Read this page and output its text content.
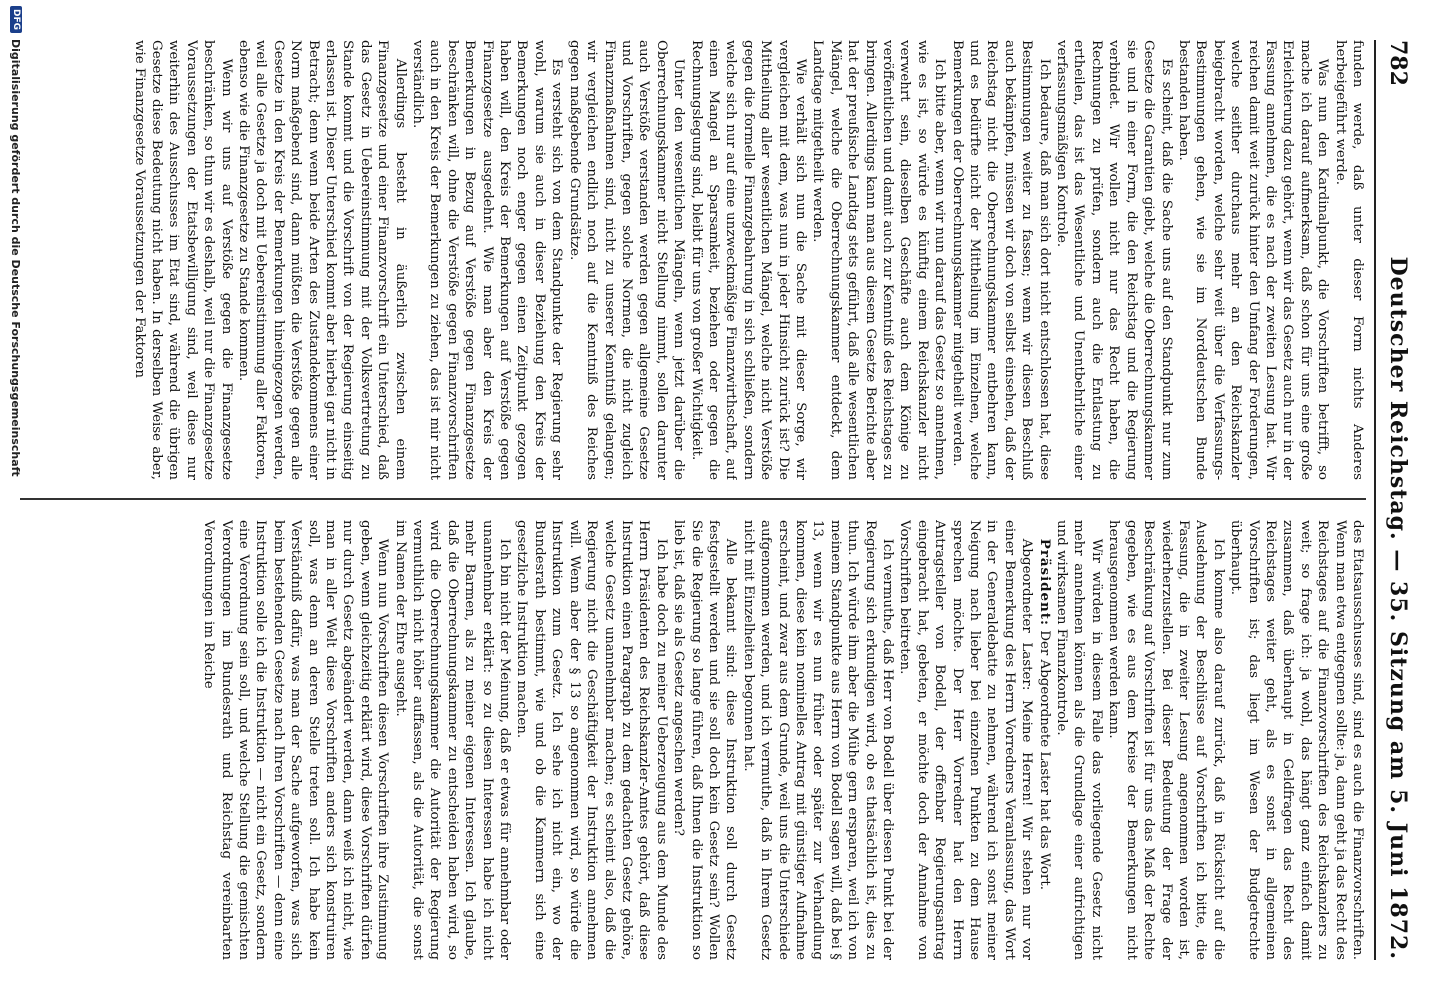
782
Deutscher Reichstag. — 35. Sitzung am 5. Juni 1872.

funden werde, daß unter dieser Form nichts Anderes herbeigeführt werde.

Was nun den Kardinalpunkt, die Vorschriften betrifft, so mache ich darauf aufmerksam, daß schon für uns eine große Erleichterung dazu gehört, wenn wir das Gesetz auch nur in der Fassung annehmen, die es nach der zweiten Lesung hat. Wir reichen damit weit zurück hinter den Umfang der Forderungen, welche seither durchaus mehr an den Reichskanzler beigebracht worden, welche sehr weit über die Verfassungs-Bestimmungen gehen, wie sie im Norddeutschen Bunde bestanden haben.

Es scheint, daß die Sache uns auf den Standpunkt nur zum Gesetze die Garantien giebt, welche die Oberrechnungskammer sie und in einer Form, die den Reichstag und die Regierung verbindet. Wir wollen nicht nur das Recht haben, die Rechnungen zu prüfen, sondern auch die Entlastung zu ertheilen, das ist das Wesentliche und Unentbehrliche einer verfassungsmäßigen Kontrole.

Ich bedaure, daß man sich dort nicht entschlossen hat, diese Bestimmungen weiter zu fassen; wenn wir diesen Beschluß auch bekämpfen, müssen wir doch von selbst einsehen, daß der Reichstag nicht die Oberrechnungskammer entbehren kann, und es bedürfte nicht der Mittheilung im Einzelnen, welche Bemerkungen der Oberrechnungskammer mitgetheilt werden.

Ich bitte aber, wenn wir nun darauf das Gesetz so annehmen, wie es ist, so würde es künftig einem Reichskanzler nicht verwehrt sein, dieselben Geschäfte auch dem Könige zu veröffentlichen und damit auch zur Kenntniß des Reichstages zu bringen. Allerdings kann man aus diesem Gesetze Berichte aber hat der preußische Landtag stets geführt, daß alle wesentlichen Mängel, welche die Oberrechnungskammer entdeckt, dem Landtage mitgetheilt werden.

Wie verhält sich nun die Sache mit dieser Sorge, wir vergleichen mit dem, was nun in jeder Hinsicht zurück ist? Die Mittheilung aller wesentlichen Mängel, welche nicht Verstöße gegen die formelle Finanzgebahrung in sich schließen, sondern welche sich nur auf eine unzweckmäßige Finanzwirthschaft, auf einen Mangel an Sparsamkeit, beziehen oder gegen die Rechnungslegung sind, bleibt für uns von großer Wichtigkeit.

Unter den wesentlichen Mängeln, wenn jetzt darüber die Oberrechnungskammer nicht Stellung nimmt, sollen darunter auch Verstöße verstanden werden gegen allgemeine Gesetze und Vorschriften, gegen solche Normen, die nicht zugleich Finanzmaßnahmen sind, nicht zu unserer Kenntniß gelangen; wir vergleichen endlich noch auf die Kenntniß des Reiches gegen maßgebende Grundsätze.

Es versteht sich von dem Standpunkte der Regierung sehr wohl, warum sie auch in dieser Beziehung den Kreis der Bemerkungen noch enger gegen einen Zeitpunkt gezogen haben will, den Kreis der Bemerkungen auf Verstöße gegen Finanzgesetze ausgedehnt. Wie man aber den Kreis der Bemerkungen in Bezug auf Verstöße gegen Finanzgesetze beschränken will, ohne die Verstöße gegen Finanzvorschriften auch in den Kreis der Bemerkungen zu ziehen, das ist mir nicht verständlich.

Allerdings besteht in äußerlich zwischen einem Finanzgesetze und einer Finanzvorschrift ein Unterschied, daß das Gesetz in Uebereinstimmung mit der Volksvertretung zu Stande kommt und die Vorschrift von der Regierung einseitig erlassen ist. Dieser Unterschied kommt aber hierbei gar nicht in Betracht; denn wenn beide Arten des Zustandekommens einer Norm maßgebend sind, dann müßten die Verstöße gegen alle Gesetze in den Kreis der Bemerkungen hineingezogen werden, weil alle Gesetze ja doch mit Uebereinstimmung aller Faktoren, ebenso wie die Finanzgesetze zu Stande kommen.

Wenn wir uns auf Verstöße gegen die Finanzgesetze beschränken, so thun wir es deshalb, weil nur die Finanzgesetze Voraussetzungen der Etatsbewilligung sind, weil diese nur weiterhin des Ausschusses im Etat sind, während die übrigen Gesetze diese Bedeutung nicht haben. In derselben Weise aber, wie Finanzgesetze Voraussetzungen der Faktoren

des Etatsausschusses sind, sind es auch die Finanzvorschriften. Wenn man etwa entgegnen sollte: ja, dann geht ja das Recht des Reichstages auf die Finanzvorschriften des Reichskanzlers zu weit; so frage ich: ja wohl, das hängt ganz einfach damit zusammen, daß überhaupt in Geldfragen das Recht des Reichstages weiter geht, als es sonst in allgemeinen Vorschriften ist; das liegt im Wesen der Budgetrechte überhaupt.

Ich komme also darauf zurück, daß in Rücksicht auf die Ausdehnung der Beschlüsse auf Vorschriften ich bitte, die Fassung, die in zweiter Lesung angenommen worden ist, wiederherzustellen. Bei dieser Bedeutung der Frage der Beschränkung auf Vorschriften ist für uns das Maß der Rechte gegeben, wie es aus dem Kreise der Bemerkungen nicht herausgenommen werden kann.

Wir würden in diesem Falle das vorliegende Gesetz nicht mehr annehmen können als die Grundlage einer aufrichtigen und wirksamen Finanzkontrole.

Präsident: Der Abgeordnete Laster hat das Wort.

Abgeordneter Laster: Meine Herren! Wir stehen nur vor einer Bemerkung des Herrn Vorredners Veranlassung, das Wort in der Generaldebatte zu nehmen, während ich sonst meiner Neigung nach lieber bei einzelnen Punkten zu dem Hause sprechen möchte. Der Herr Vorredner hat den Herrn Antragsteller von Bodell, der offenbar Regierungsantrag eingebracht hat, gebeten, er möchte doch der Annahme von Vorschriften beitreten.

Ich vermuthe, daß Herr von Bodell über diesen Punkt bei der Regierung sich erkundigen wird, ob es thatsächlich ist, dies zu thun. Ich würde ihm aber die Mühe gern ersparen, weil ich von meinem Standpunkte aus Herrn von Bodell sagen will, daß bei § 13, wenn wir es nun früher oder später zur Verhandlung kommen, diese kein nominelles Antrag mit günstiger Aufnahme erscheint, und zwar aus dem Grunde, weil uns die Unterschiede aufgenommen werden, und ich vermuthe, daß in Ihrem Gesetz nicht mit Einzelheiten begonnen hat.

Alle bekannt sind: diese Instruktion soll durch Gesetz festgestellt werden und sie soll doch kein Gesetz sein? Wollen Sie die Regierung so lange führen, daß Ihnen die Instruktion so lieb ist, daß sie als Gesetz angeschen werden?

Ich habe doch zu meiner Ueberzeugung aus dem Munde des Herrn Präsidenten des Reichskanzler-Amtes gehört, daß diese Instruktion einen Paragraph zu dem gedachten Gesetz gehöre, welche Gesetz unannehmbar machen; es scheint also, daß die Regierung nicht die Geschäftigkeit der Instruktion annehmen will. Wenn aber der § 13 so angenommen wird, so würde die Instruktion zum Gesetz. Ich sehe ich nicht ein, wo der Bundesrath bestimmt, wie und ob die Kammern sich eine gesetzliche Instruktion machen.

Ich bin nicht der Meinung, daß er etwas für annehmbar oder unannehmbar erklärt: so zu diesen Interessen habe ich nicht mehr Barmen, als zu meiner eigenen Interessen. Ich glaube, daß die Oberrechnungskammer zu entscheiden haben wird, so wird die Oberrechnungskammer die Autorität der Regierung vermuthlich nicht höher auffassen, als die Autorität, die sonst im Namen der Ehre ausgeht.

Wenn nun Vorschriften diesen Vorschriften ihre Zustimmung geben, wenn gleichzeitig erklärt wird, diese Vorschriften dürfen nur durch Gesetz abgeändert werden, dann weiß ich nicht, wie man in aller Welt diese Vorschriften anders sich konstruiren soll, was denn an deren Stelle treten soll. Ich habe kein Verständniß dafür, was man der Sache aufgeworfen, was sich beim bestehenden Gesetze nach Ihren Vorschriften — denn eine Instruktion solle ich die Instruktion — nicht ein Gesetz, sondern eine Verordnung sein soll, und welche Stellung die gemischten Verordnungen im Bundesrath und Reichstag vereinbarten Verordnungen im Reiche

DFG
Digitalisierung gefördert durch die Deutsche Forschungsgemeinschaft
